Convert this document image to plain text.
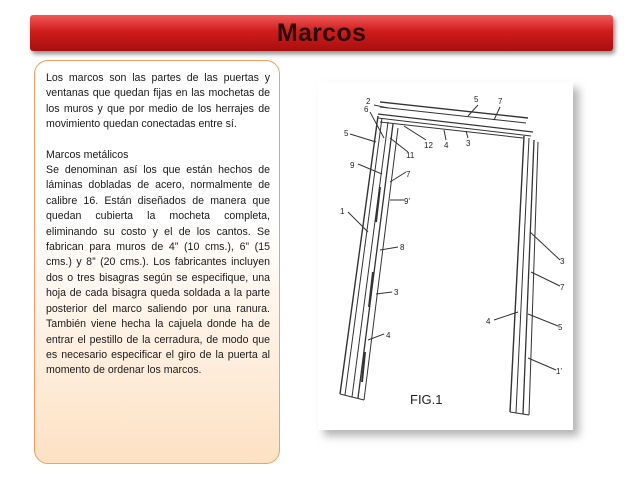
Marcos

Los marcos son las partes de las puertas y ventanas que quedan fijas en las mochetas de los muros y que por medio de los herrajes de movimiento quedan conectadas entre sí.

Marcos metálicos

Se denominan así los que están hechos de láminas dobladas de acero, normalmente de calibre 16. Están diseñados de manera que quedan cubierta la mocheta completa, eliminando su costo y el de los cantos. Se fabrican para muros de 4” (10 cms.), 6” (15 cms.) y 8” (20 cms.). Los fabricantes incluyen dos o tres bisagras según se especifique, una hoja de cada bisagra queda soldada a la parte posterior del marco saliendo por una ranura. También viene hecha la cajuela donde ha de entrar el pestillo de la cerradura, de modo que es necesario especificar el giro de la puerta al momento de ordenar los marcos.

2	5 7
6
5
12 4 3
11
9
7
9'
1
8
3
4
3
7
4
5
1'
FIG.1
